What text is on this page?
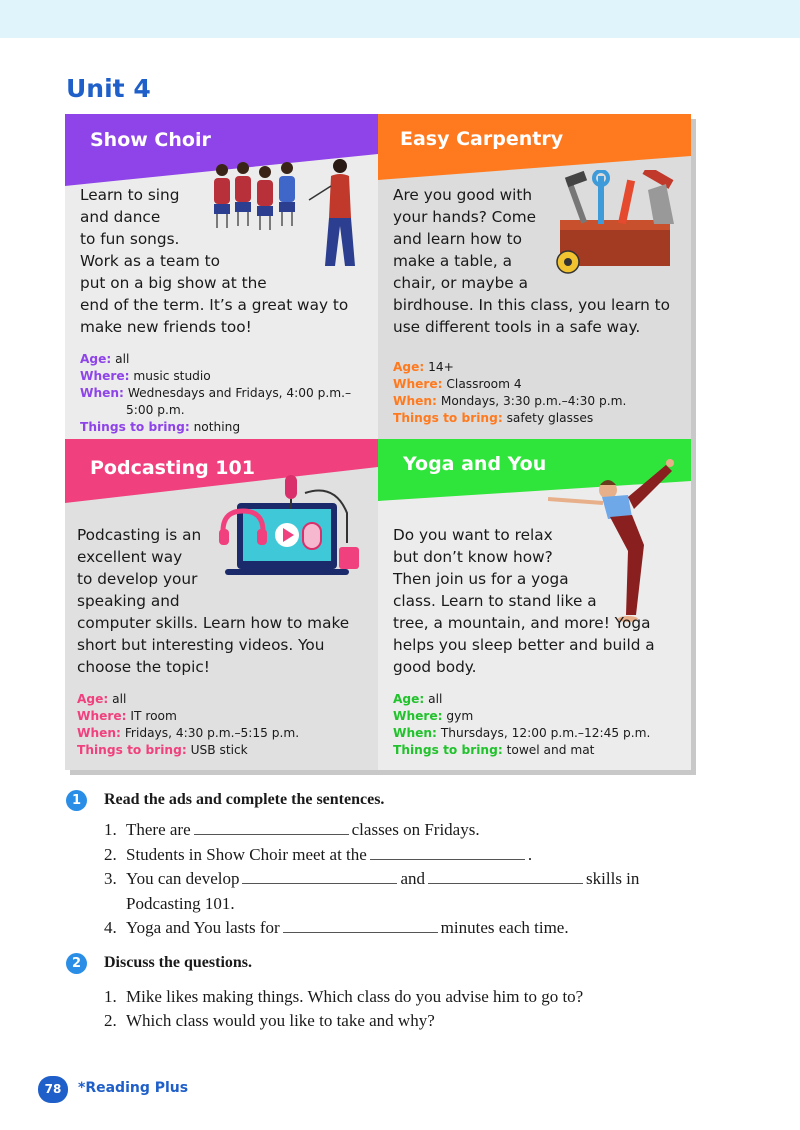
Unit 4
Show Choir
Learn to sing
and dance
to fun songs.
Work as a team to
put on a big show at the
end of the term. It’s a great way to
make new friends too!
Age: all
Where: music studio
When: Wednesdays and Fridays, 4:00 p.m.–
5:00 p.m.
Things to bring: nothing
Easy Carpentry
Are you good with
your hands? Come
and learn how to
make a table, a
chair, or maybe a
birdhouse. In this class, you learn to
use different tools in a safe way.
Age: 14+
Where: Classroom 4
When: Mondays, 3:30 p.m.–4:30 p.m.
Things to bring: safety glasses
Podcasting 101
Podcasting is an
excellent way
to develop your
speaking and
computer skills. Learn how to make
short but interesting videos. You
choose the topic!
Age: all
Where: IT room
When: Fridays, 4:30 p.m.–5:15 p.m.
Things to bring: USB stick
Yoga and You
Do you want to relax
but don’t know how?
Then join us for a yoga
class. Learn to stand like a
tree, a mountain, and more! Yoga
helps you sleep better and build a
good body.
Age: all
Where: gym
When: Thursdays, 12:00 p.m.–12:45 p.m.
Things to bring: towel and mat
1	Read the ads and complete the sentences.
1. There are	classes on Fridays.
2. Students in Show Choir meet at the	.
3. You can develop	and	skills in
Podcasting 101.
4. Yoga and You lasts for	minutes each time.
2	Discuss the questions.
1. Mike likes making things. Which class do you advise him to go to?
2. Which class would you like to take and why?
78	*Reading Plus
